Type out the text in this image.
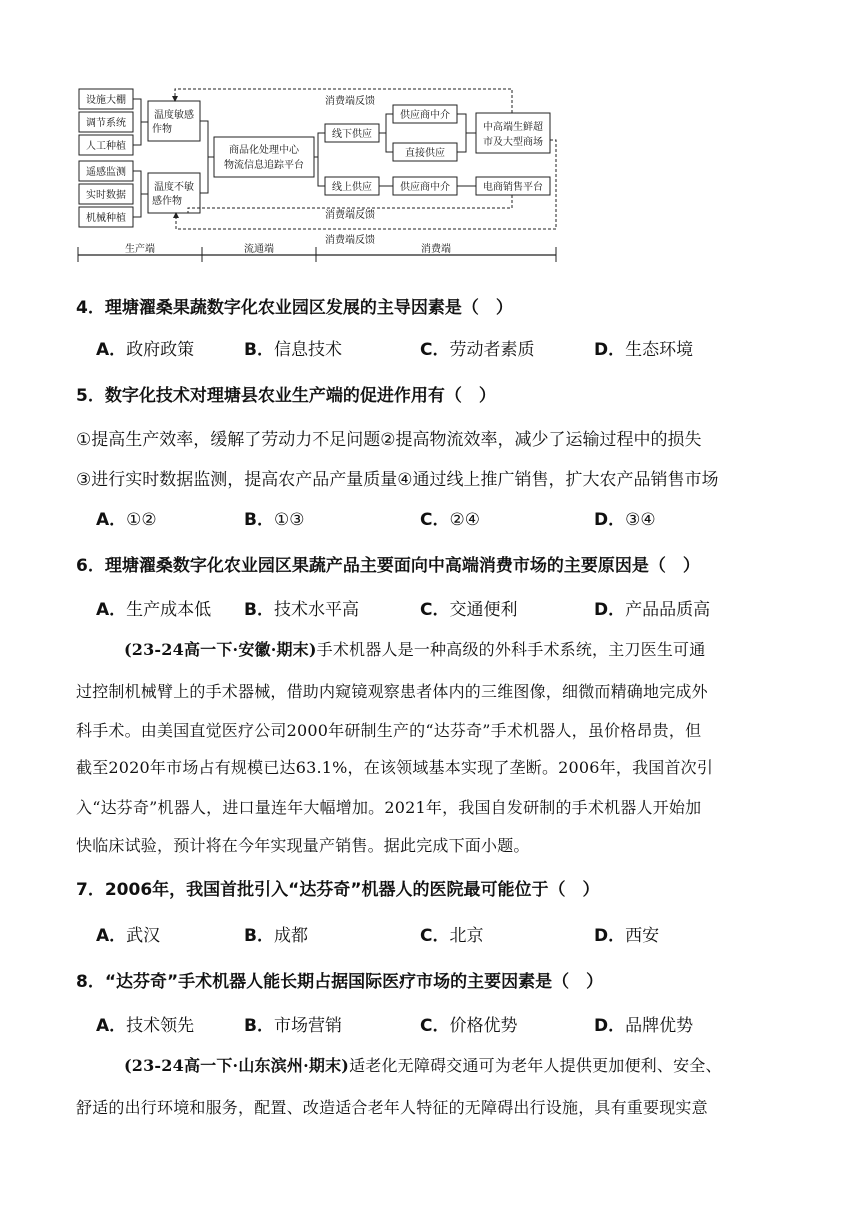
设施大棚
调节系统
人工种植
遥感监测
实时数据
机械种植
温度敏感
作物
温度不敏
感作物
商品化处理中心
物流信息追踪平台
线下供应
线上供应
供应商中介
直接供应
供应商中介
中高端生鲜超
市及大型商场
电商销售平台
消费端反馈
消费端反馈
消费端反馈
生产端	流通端	消费端
4．理塘濯桑果蔬数字化农业园区发展的主导因素是（　）
A．政府政策	B．信息技术	C．劳动者素质	D．生态环境
5．数字化技术对理塘县农业生产端的促进作用有（　）
①提高生产效率，缓解了劳动力不足问题②提高物流效率，减少了运输过程中的损失
③进行实时数据监测，提高农产品产量质量④通过线上推广销售，扩大农产品销售市场
A．①②	B．①③	C．②④	D．③④
6．理塘濯桑数字化农业园区果蔬产品主要面向中高端消费市场的主要原因是（　）
A．生产成本低 B．技术水平高	C．交通便利	D．产品品质高
(23-24高一下·安徽·期末)手术机器人是一种高级的外科手术系统，主刀医生可通
过控制机械臂上的手术器械，借助内窥镜观察患者体内的三维图像，细微而精确地完成外
科手术。由美国直觉医疗公司2000年研制生产的“达芬奇”手术机器人，虽价格昂贵，但
截至2020年市场占有规模已达63.1%，在该领域基本实现了垄断。2006年，我国首次引
入“达芬奇”机器人，进口量连年大幅增加。2021年，我国自发研制的手术机器人开始加
快临床试验，预计将在今年实现量产销售。据此完成下面小题。
7．2006年，我国首批引入“达芬奇”机器人的医院最可能位于（　）
A．武汉	B．成都	C．北京	D．西安
8．“达芬奇”手术机器人能长期占据国际医疗市场的主要因素是（　）
A．技术领先	B．市场营销	C．价格优势	D．品牌优势
(23-24高一下·山东滨州·期末)适老化无障碍交通可为老年人提供更加便利、安全、
舒适的出行环境和服务，配置、改造适合老年人特征的无障碍出行设施，具有重要现实意
